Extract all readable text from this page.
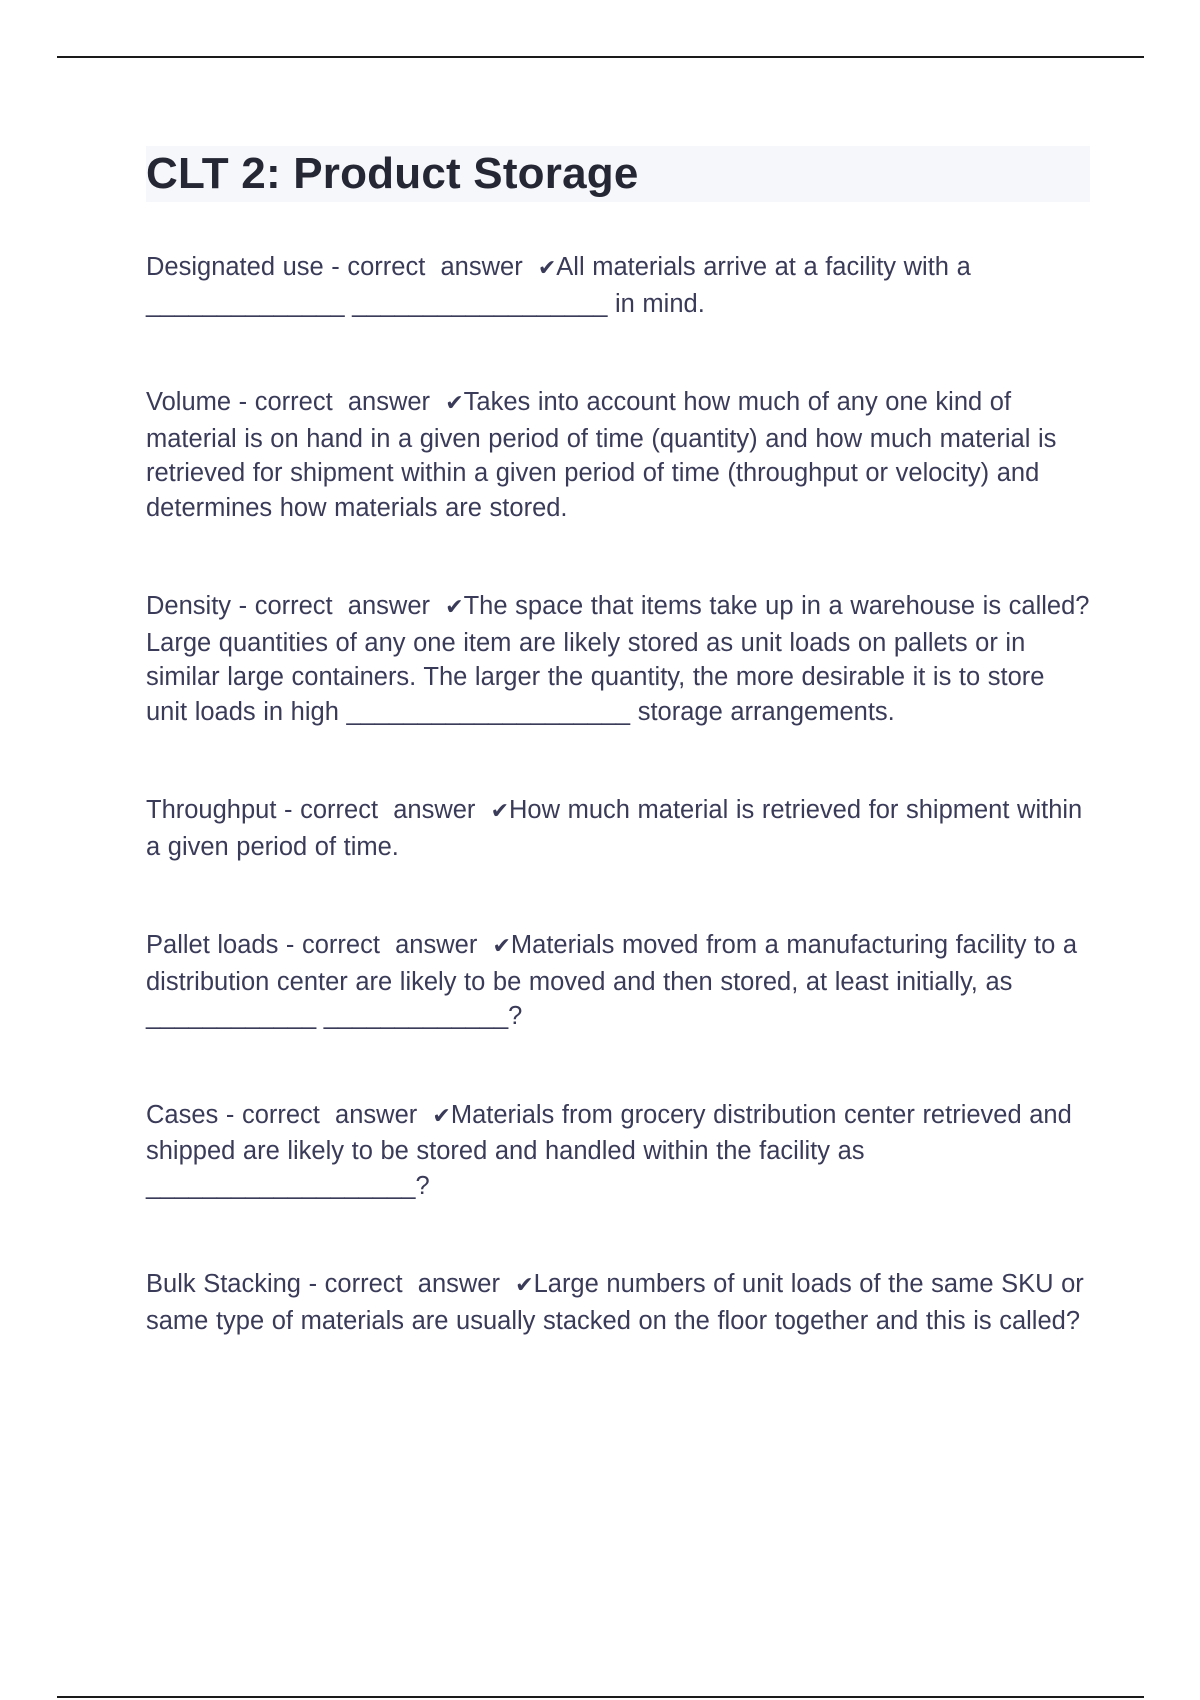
CLT 2: Product Storage

Designated use - correct  answer  ✔All materials arrive at a facility with a ______________ __________________ in mind.

Volume - correct  answer  ✔Takes into account how much of any one kind of material is on hand in a given period of time (quantity) and how much material is retrieved for shipment within a given period of time (throughput or velocity) and determines how materials are stored.

Density - correct  answer  ✔The space that items take up in a warehouse is called? Large quantities of any one item are likely stored as unit loads on pallets or in similar large containers. The larger the quantity, the more desirable it is to store unit loads in high ____________________ storage arrangements.

Throughput - correct  answer  ✔How much material is retrieved for shipment within a given period of time.

Pallet loads - correct  answer  ✔Materials moved from a manufacturing facility to a distribution center are likely to be moved and then stored, at least initially, as ____________ _____________?

Cases - correct  answer  ✔Materials from grocery distribution center retrieved and shipped are likely to be stored and handled within the facility as ___________________?

Bulk Stacking - correct  answer  ✔Large numbers of unit loads of the same SKU or same type of materials are usually stacked on the floor together and this is called?
